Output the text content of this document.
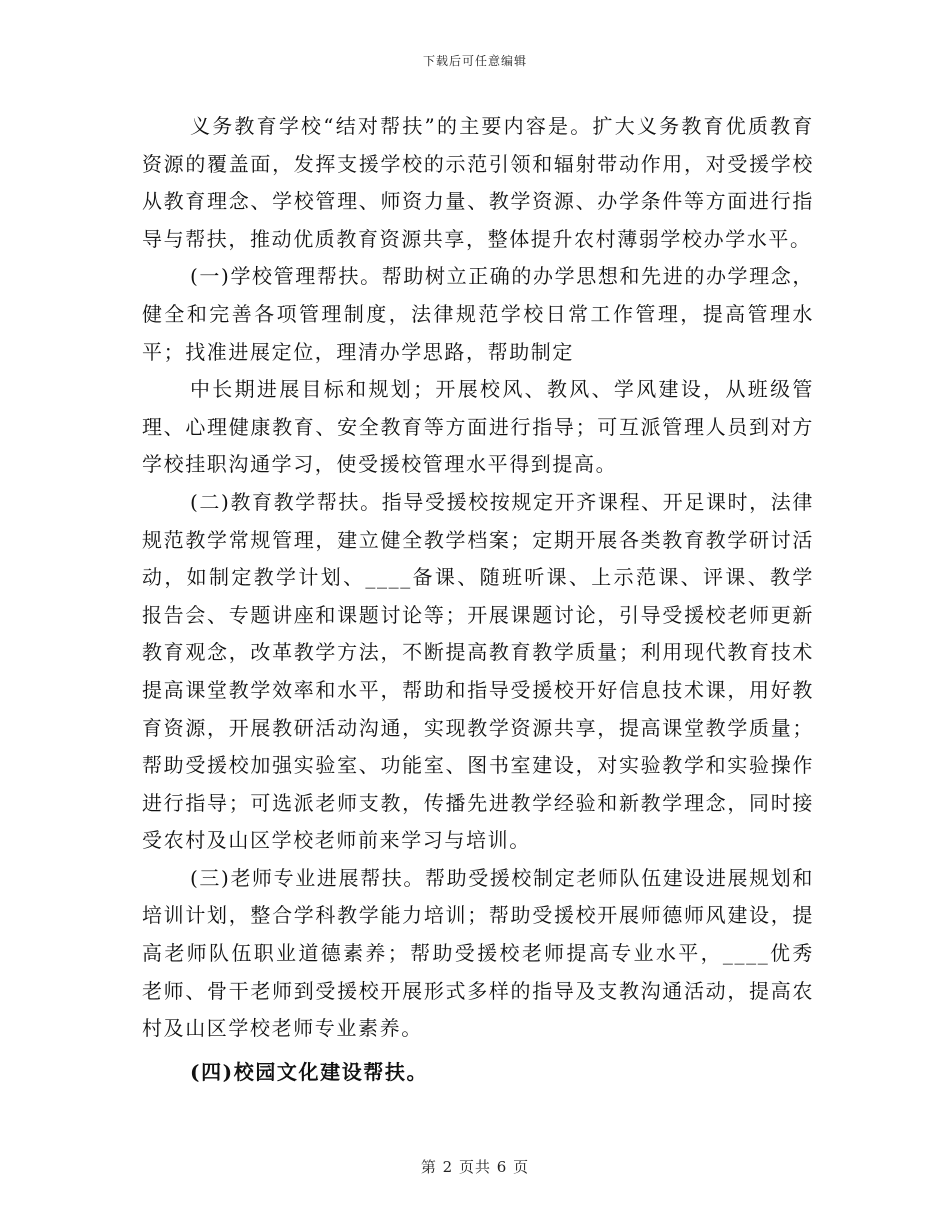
下载后可任意编辑

义务教育学校“结对帮扶”的主要内容是。扩大义务教育优质教育资源的覆盖面，发挥支援学校的示范引领和辐射带动作用，对受援学校从教育理念、学校管理、师资力量、教学资源、办学条件等方面进行指导与帮扶，推动优质教育资源共享，整体提升农村薄弱学校办学水平。

(一)学校管理帮扶。帮助树立正确的办学思想和先进的办学理念，健全和完善各项管理制度，法律规范学校日常工作管理，提高管理水平；找准进展定位，理清办学思路，帮助制定

中长期进展目标和规划；开展校风、教风、学风建设，从班级管理、心理健康教育、安全教育等方面进行指导；可互派管理人员到对方学校挂职沟通学习，使受援校管理水平得到提高。

(二)教育教学帮扶。指导受援校按规定开齐课程、开足课时，法律规范教学常规管理，建立健全教学档案；定期开展各类教育教学研讨活动，如制定教学计划、____备课、随班听课、上示范课、评课、教学报告会、专题讲座和课题讨论等；开展课题讨论，引导受援校老师更新教育观念，改革教学方法，不断提高教育教学质量；利用现代教育技术提高课堂教学效率和水平，帮助和指导受援校开好信息技术课，用好教育资源，开展教研活动沟通，实现教学资源共享，提高课堂教学质量；帮助受援校加强实验室、功能室、图书室建设，对实验教学和实验操作进行指导；可选派老师支教，传播先进教学经验和新教学理念，同时接受农村及山区学校老师前来学习与培训。

(三)老师专业进展帮扶。帮助受援校制定老师队伍建设进展规划和培训计划，整合学科教学能力培训；帮助受援校开展师德师风建设，提高老师队伍职业道德素养；帮助受援校老师提高专业水平，____优秀老师、骨干老师到受援校开展形式多样的指导及支教沟通活动，提高农村及山区学校老师专业素养。

(四)校园文化建设帮扶。

第 2 页共 6 页
